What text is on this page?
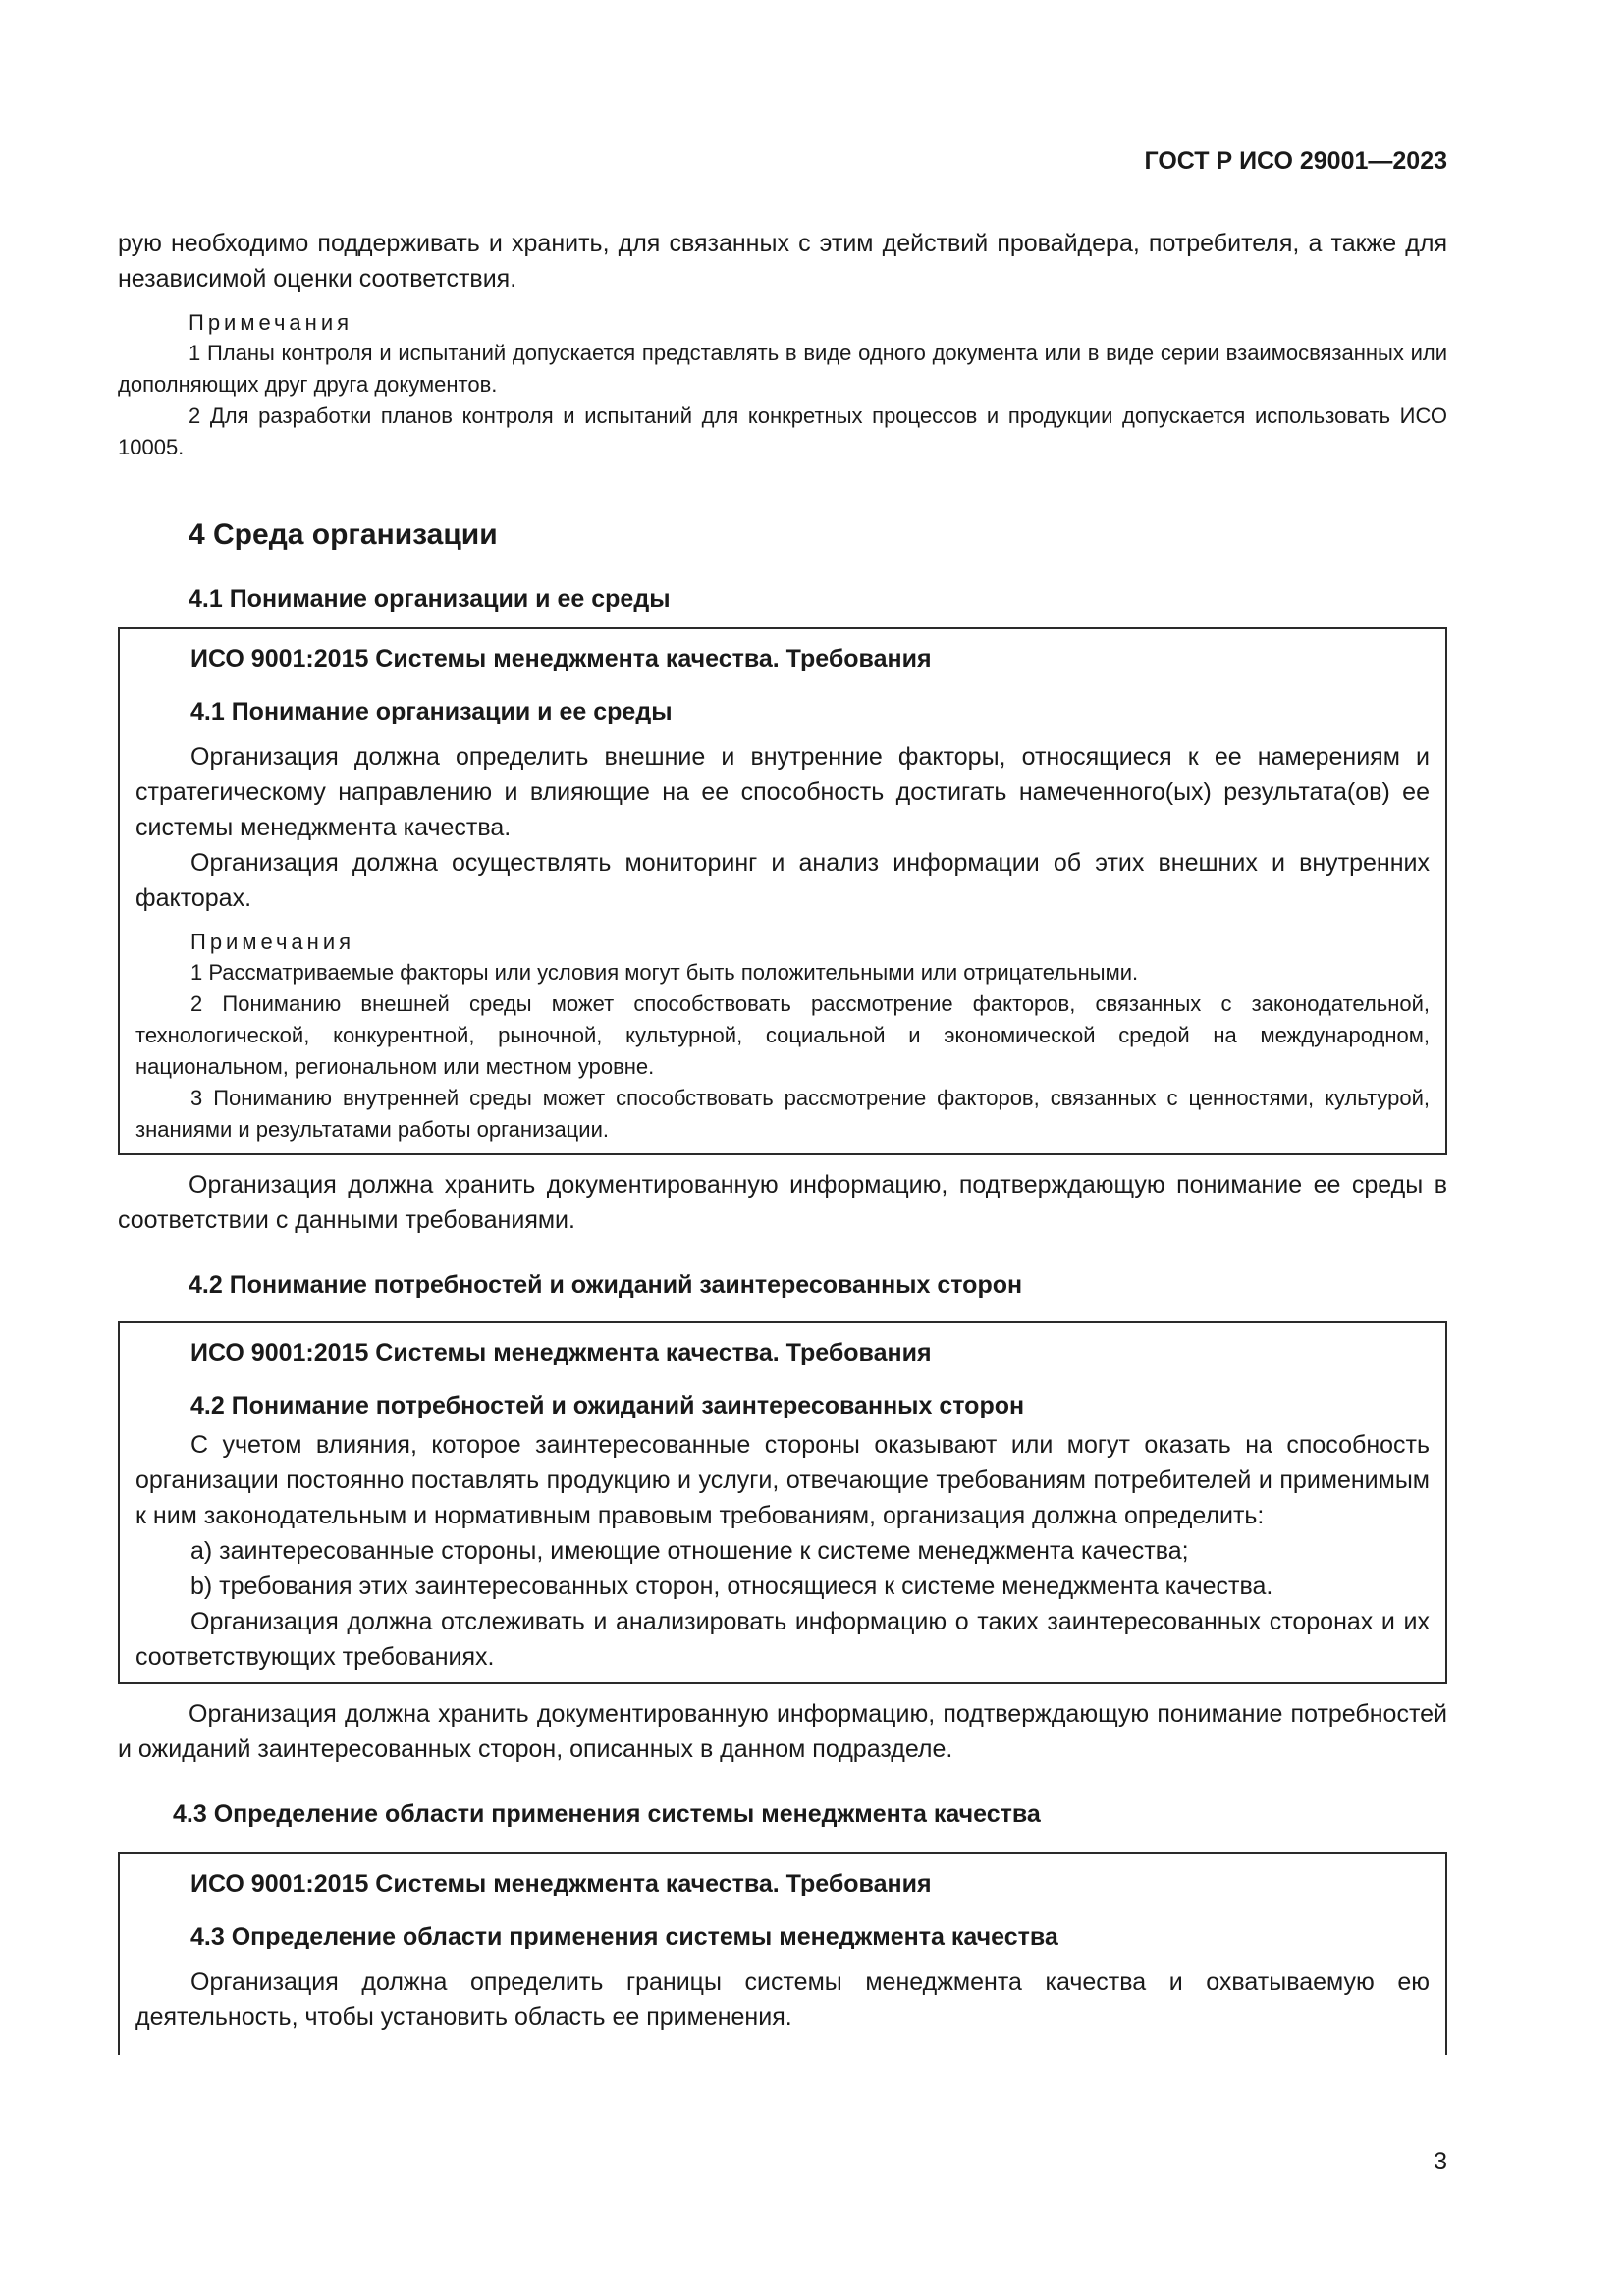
ГОСТ Р ИСО 29001—2023

рую необходимо поддерживать и хранить, для связанных с этим действий провайдера, потребителя, а также для независимой оценки соответствия.

Примечания

1 Планы контроля и испытаний допускается представлять в виде одного документа или в виде серии взаимосвязанных или дополняющих друг друга документов.

2 Для разработки планов контроля и испытаний для конкретных процессов и продукции допускается использовать ИСО 10005.

4 Среда организации
4.1 Понимание организации и ее среды

ИСО 9001:2015 Системы менеджмента качества. Требования

4.1 Понимание организации и ее среды

Организация должна определить внешние и внутренние факторы, относящиеся к ее намерениям и стратегическому направлению и влияющие на ее способность достигать намеченного(ых) результата(ов) ее системы менеджмента качества.

Организация должна осуществлять мониторинг и анализ информации об этих внешних и внутренних факторах.

Примечания

1 Рассматриваемые факторы или условия могут быть положительными или отрицательными.

2 Пониманию внешней среды может способствовать рассмотрение факторов, связанных с законодательной, технологической, конкурентной, рыночной, культурной, социальной и экономической средой на международном, национальном, региональном или местном уровне.

3 Пониманию внутренней среды может способствовать рассмотрение факторов, связанных с ценностями, культурой, знаниями и результатами работы организации.

Организация должна хранить документированную информацию, подтверждающую понимание ее среды в соответствии с данными требованиями.

4.2 Понимание потребностей и ожиданий заинтересованных сторон

ИСО 9001:2015 Системы менеджмента качества. Требования

4.2 Понимание потребностей и ожиданий заинтересованных сторон

С учетом влияния, которое заинтересованные стороны оказывают или могут оказать на способность организации постоянно поставлять продукцию и услуги, отвечающие требованиям потребителей и применимым к ним законодательным и нормативным правовым требованиям, организация должна определить:

a) заинтересованные стороны, имеющие отношение к системе менеджмента качества;

b) требования этих заинтересованных сторон, относящиеся к системе менеджмента качества.

Организация должна отслеживать и анализировать информацию о таких заинтересованных сторонах и их соответствующих требованиях.

Организация должна хранить документированную информацию, подтверждающую понимание потребностей и ожиданий заинтересованных сторон, описанных в данном подразделе.

4.3 Определение области применения системы менеджмента качества

ИСО 9001:2015 Системы менеджмента качества. Требования

4.3 Определение области применения системы менеджмента качества

Организация должна определить границы системы менеджмента качества и охватываемую ею деятельность, чтобы установить область ее применения.

3
